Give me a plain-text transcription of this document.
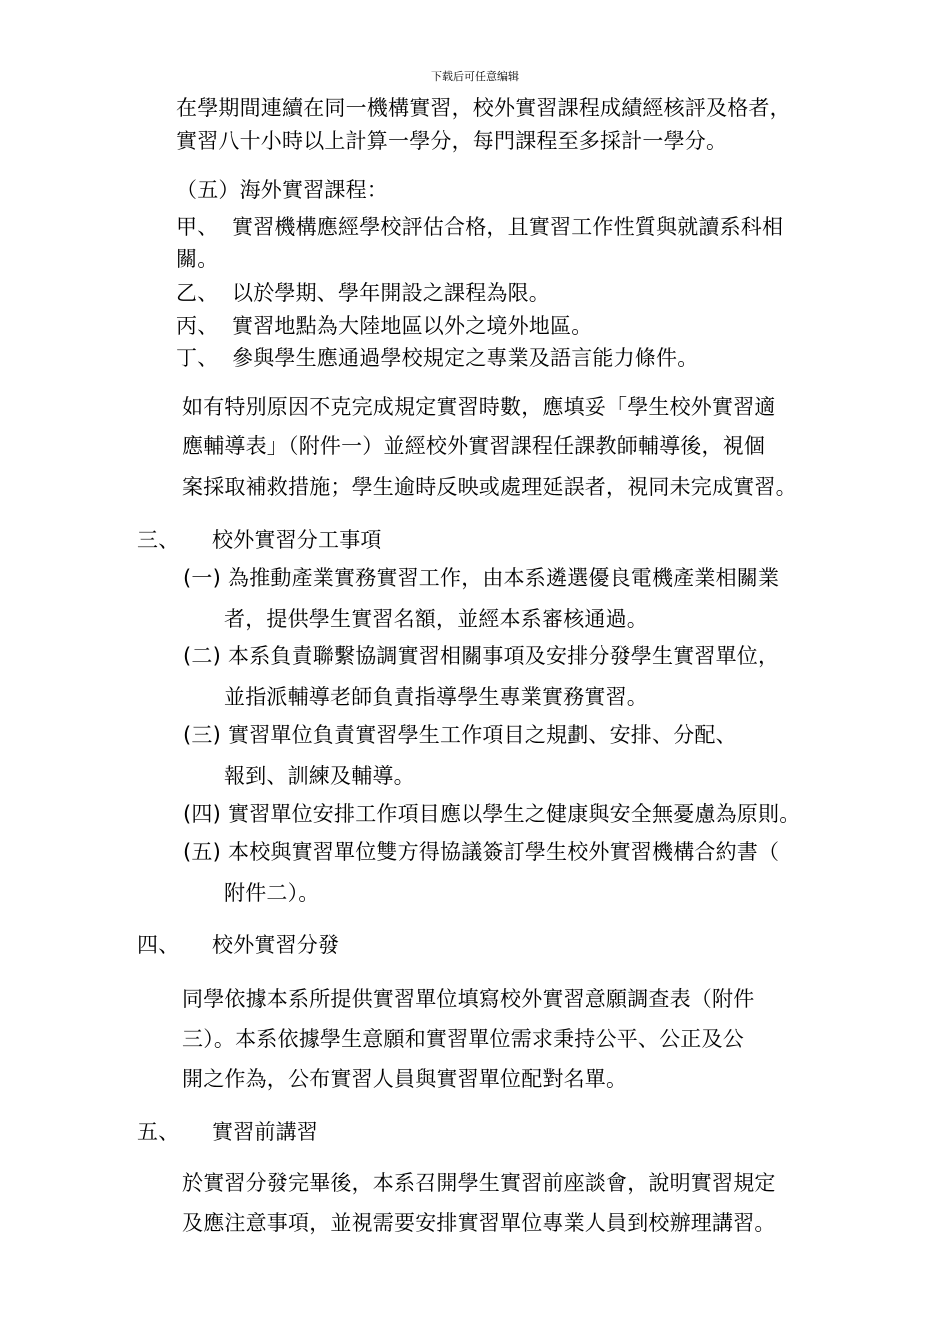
下载后可任意编辑
在學期間連續在同一機構實習，校外實習課程成績經核評及格者，
實習八十小時以上計算一學分，每門課程至多採計一學分。
（五）海外實習課程：
甲、 實習機構應經學校評估合格，且實習工作性質與就讀系科相
關。
乙、 以於學期、學年開設之課程為限。
丙、 實習地點為大陸地區以外之境外地區。
丁、 參與學生應通過學校規定之專業及語言能力條件。
如有特別原因不克完成規定實習時數，應填妥「學生校外實習適
應輔導表」（附件一）並經校外實習課程任課教師輔導後，視個
案採取補救措施；學生逾時反映或處理延誤者，視同未完成實習。
三、 校外實習分工事項
(一) 為推動產業實務實習工作，由本系遴選優良電機產業相關業
者，提供學生實習名額，並經本系審核通過。
(二) 本系負責聯繫協調實習相關事項及安排分發學生實習單位，
並指派輔導老師負責指導學生專業實務實習。
(三) 實習單位負責實習學生工作項目之規劃、安排、分配、
報到、訓練及輔導。
(四) 實習單位安排工作項目應以學生之健康與安全無憂慮為原則。
(五) 本校與實習單位雙方得協議簽訂學生校外實習機構合約書（
附件二）。
四、 校外實習分發
同學依據本系所提供實習單位填寫校外實習意願調查表（附件
三）。本系依據學生意願和實習單位需求秉持公平、公正及公
開之作為，公布實習人員與實習單位配對名單。
五、 實習前講習
於實習分發完畢後，本系召開學生實習前座談會，說明實習規定
及應注意事項，並視需要安排實習單位專業人員到校辦理講習。
